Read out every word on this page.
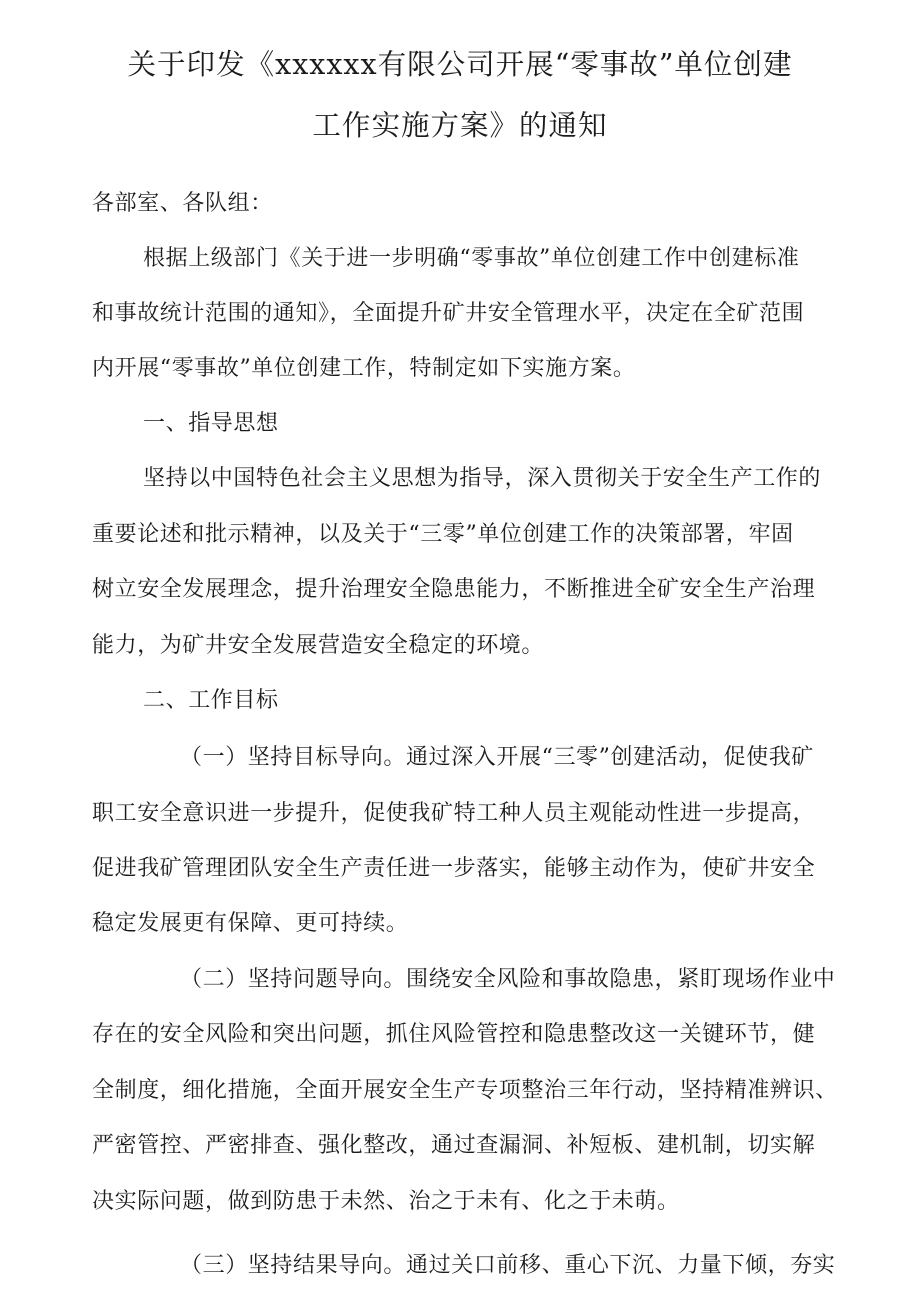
关于印发《xxxxxx有限公司开展“零事故”单位创建
工作实施方案》的通知
各部室、各队组：
根据上级部门《关于进一步明确“零事故”单位创建工作中创建标准
和事故统计范围的通知》，全面提升矿井安全管理水平，决定在全矿范围
内开展“零事故”单位创建工作，特制定如下实施方案。
一、指导思想
坚持以中国特色社会主义思想为指导，深入贯彻关于安全生产工作的
重要论述和批示精神，以及关于“三零”单位创建工作的决策部署，牢固
树立安全发展理念，提升治理安全隐患能力，不断推进全矿安全生产治理
能力，为矿井安全发展营造安全稳定的环境。
二、工作目标
（一）坚持目标导向。通过深入开展“三零”创建活动，促使我矿
职工安全意识进一步提升，促使我矿特工种人员主观能动性进一步提高，
促进我矿管理团队安全生产责任进一步落实，能够主动作为，使矿井安全
稳定发展更有保障、更可持续。
（二）坚持问题导向。围绕安全风险和事故隐患，紧盯现场作业中
存在的安全风险和突出问题，抓住风险管控和隐患整改这一关键环节，健
全制度，细化措施，全面开展安全生产专项整治三年行动，坚持精准辨识、
严密管控、严密排查、强化整改，通过查漏洞、补短板、建机制，切实解
决实际问题，做到防患于未然、治之于未有、化之于未萌。
（三）坚持结果导向。通过关口前移、重心下沉、力量下倾，夯实
